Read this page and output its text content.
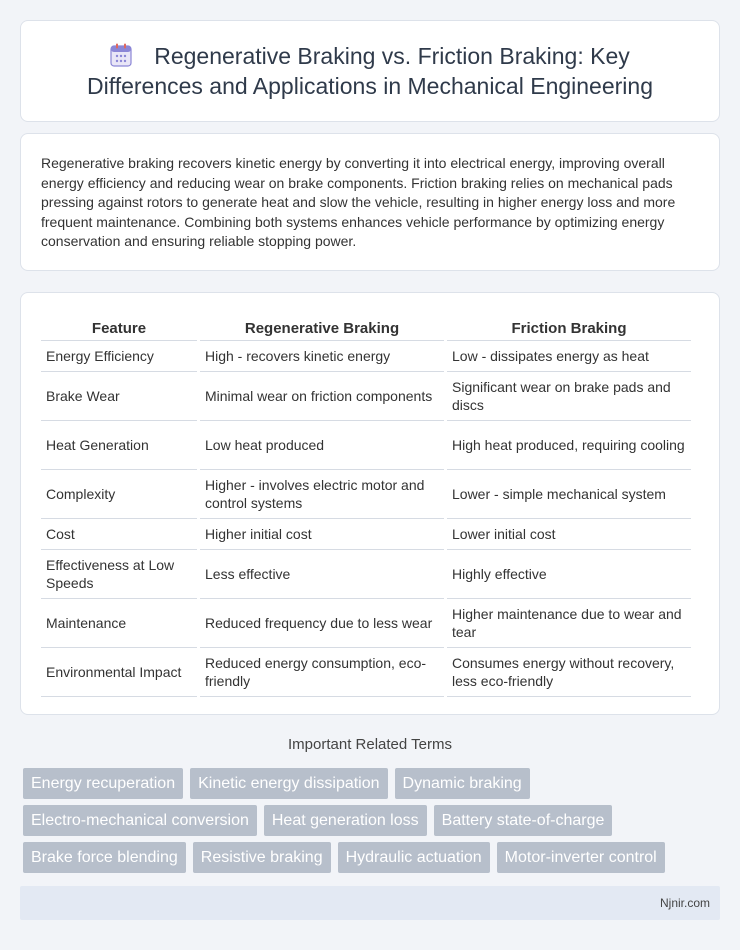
Regenerative Braking vs. Friction Braking: Key Differences and Applications in Mechanical Engineering

Regenerative braking recovers kinetic energy by converting it into electrical energy, improving overall energy efficiency and reducing wear on brake components. Friction braking relies on mechanical pads pressing against rotors to generate heat and slow the vehicle, resulting in higher energy loss and more frequent maintenance. Combining both systems enhances vehicle performance by optimizing energy conservation and ensuring reliable stopping power.

Feature	Regenerative Braking	Friction Braking
Energy Efficiency	High - recovers kinetic energy	Low - dissipates energy as heat
Brake Wear	Minimal wear on friction components	Significant wear on brake pads and discs
Heat Generation	Low heat produced	High heat produced, requiring cooling
Complexity	Higher - involves electric motor and control systems	Lower - simple mechanical system
Cost	Higher initial cost	Lower initial cost
Effectiveness at Low Speeds	Less effective	Highly effective
Maintenance	Reduced frequency due to less wear	Higher maintenance due to wear and tear
Environmental Impact	Reduced energy consumption, eco-friendly	Consumes energy without recovery, less eco-friendly
Important Related Terms
Energy recuperation	Kinetic energy dissipation	Dynamic braking
Electro-mechanical conversion	Heat generation loss	Battery state-of-charge
Brake force blending	Resistive braking	Hydraulic actuation	Motor-inverter control
Njnir.com
